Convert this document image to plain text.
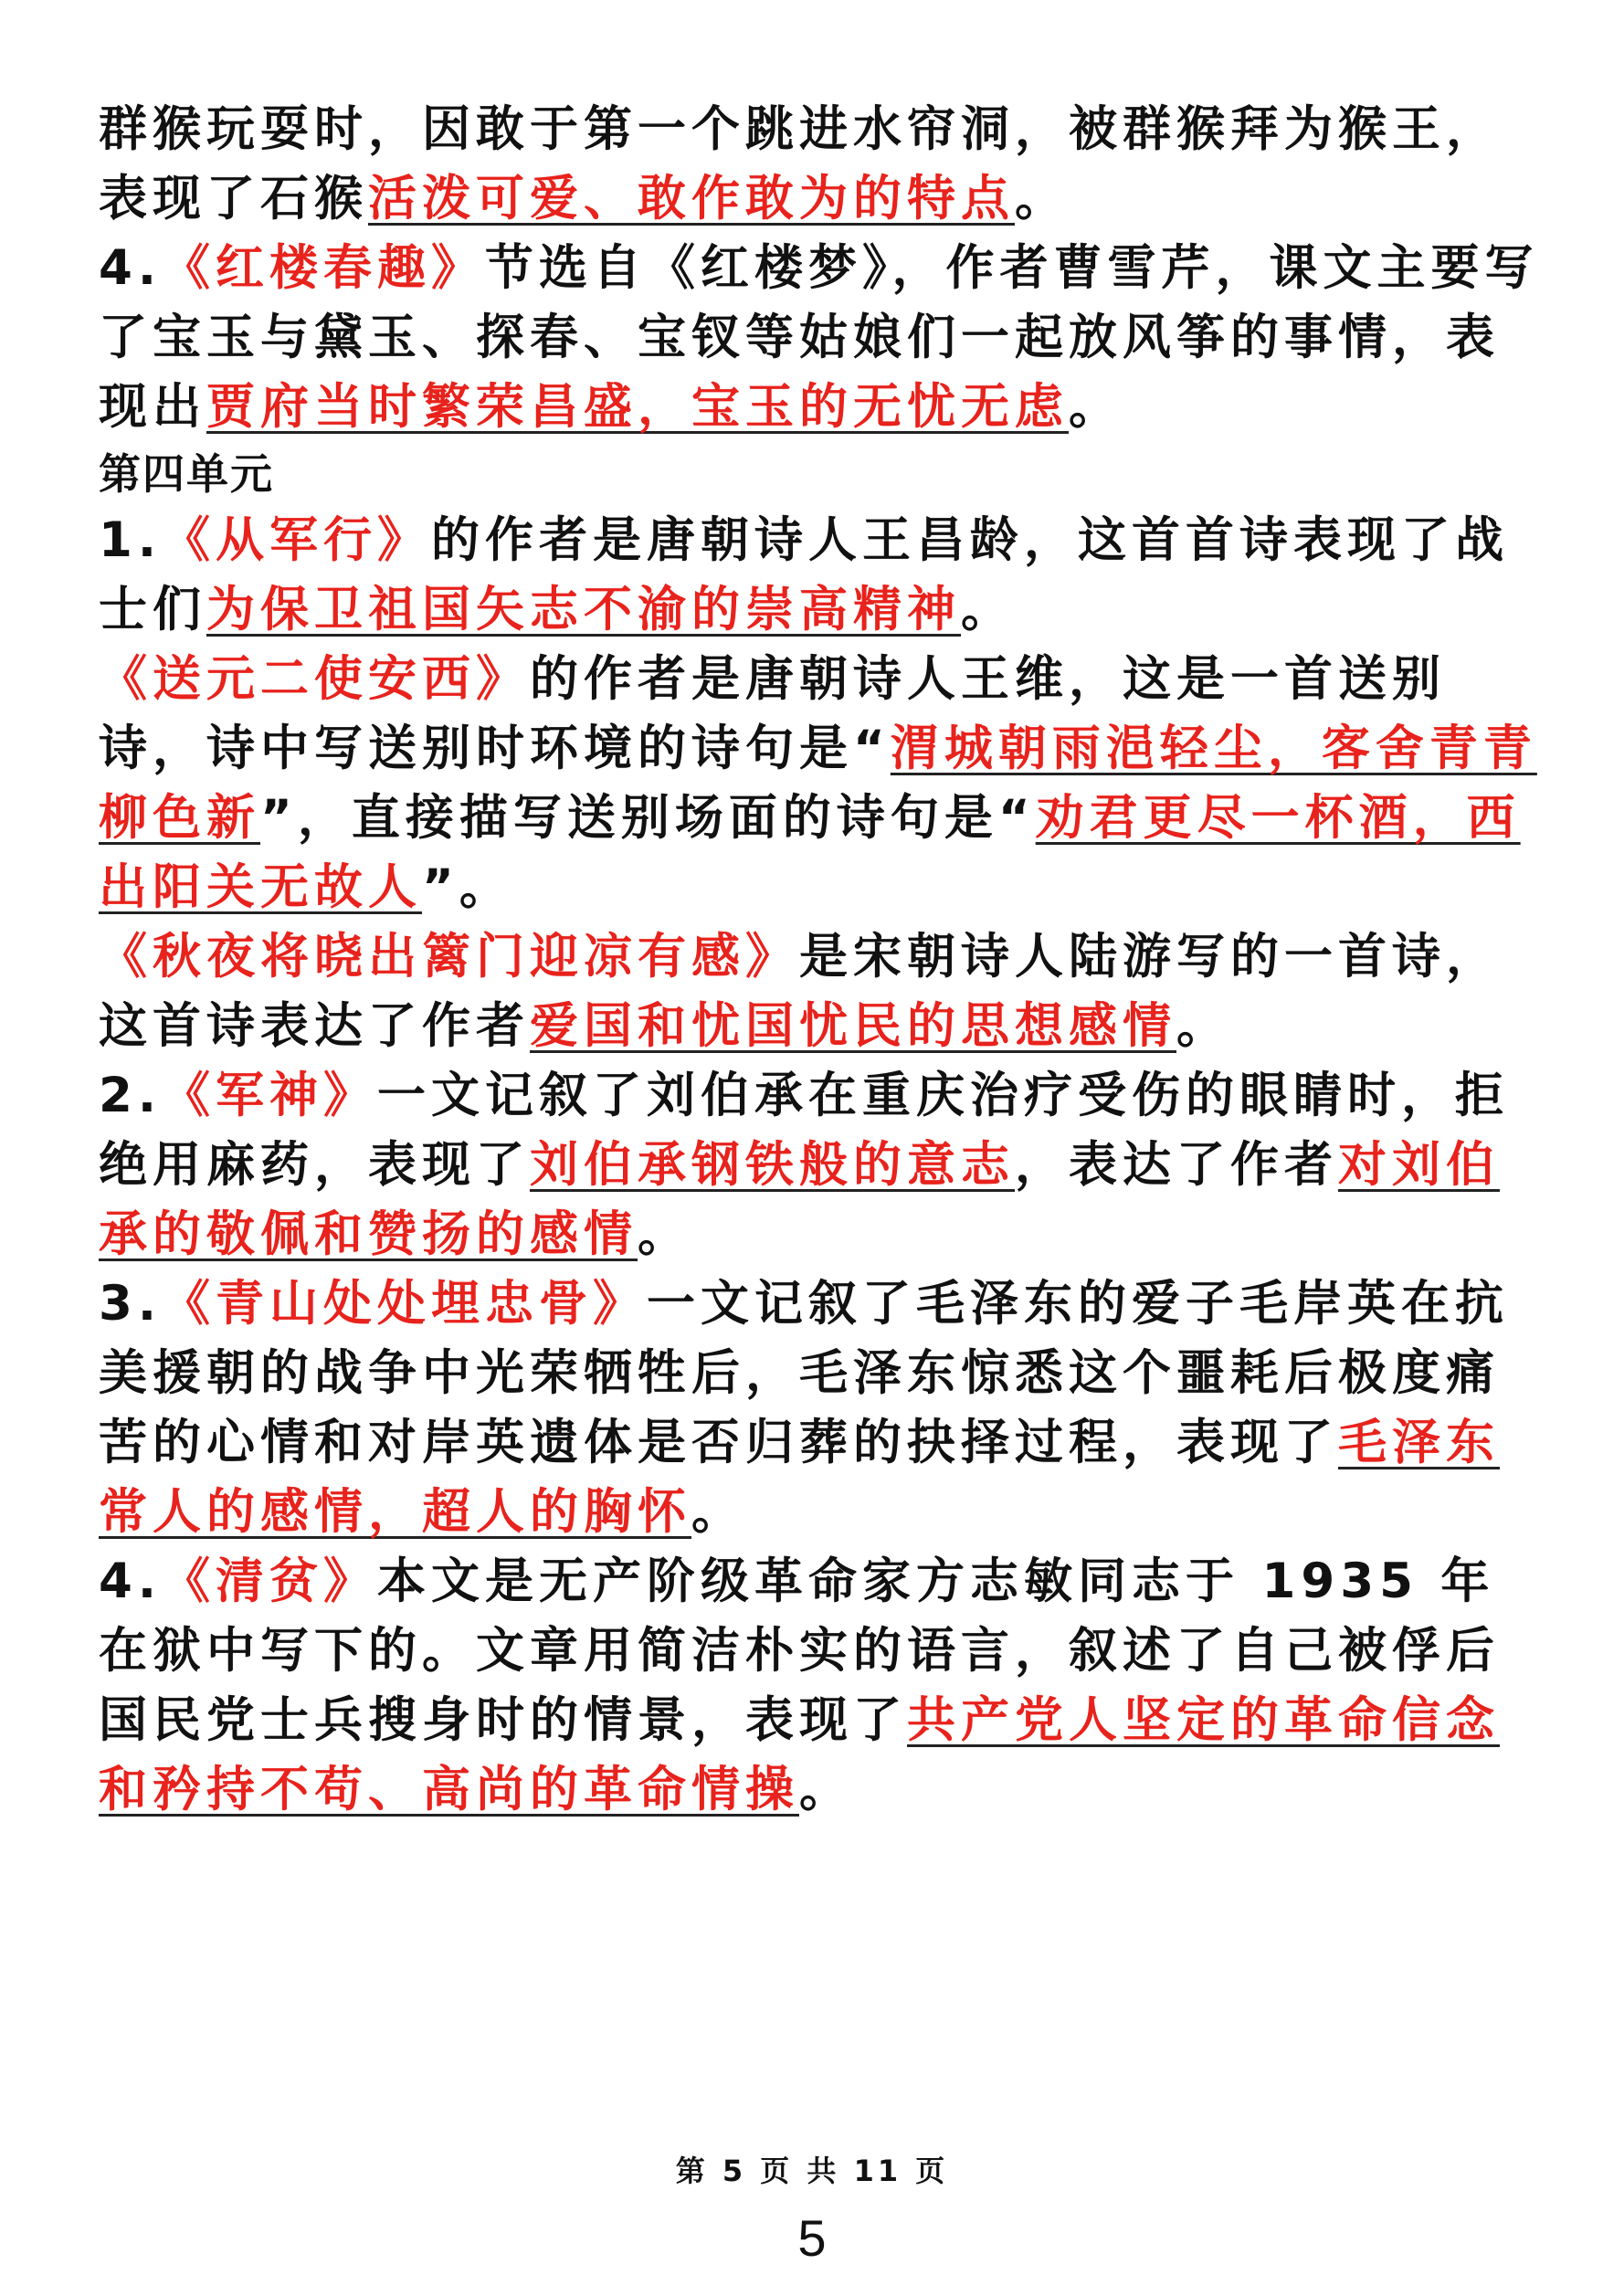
群猴玩耍时，因敢于第一个跳进水帘洞，被群猴拜为猴王，表现了石猴活泼可爱、敢作敢为的特点。

4.《红楼春趣》节选自《红楼梦》，作者曹雪芹，课文主要写了宝玉与黛玉、探春、宝钗等姑娘们一起放风筝的事情，表现出贾府当时繁荣昌盛，宝玉的无忧无虑。

第四单元

1.《从军行》的作者是唐朝诗人王昌龄，这首首诗表现了战士们为保卫祖国矢志不渝的崇高精神。

《送元二使安西》的作者是唐朝诗人王维，这是一首送别诗，诗中写送别时环境的诗句是“渭城朝雨浥轻尘，客舍青青柳色新”，直接描写送别场面的诗句是“劝君更尽一杯酒，西出阳关无故人”。

《秋夜将晓出篱门迎凉有感》是宋朝诗人陆游写的一首诗，这首诗表达了作者爱国和忧国忧民的思想感情。

2.《军神》一文记叙了刘伯承在重庆治疗受伤的眼睛时，拒绝用麻药，表现了刘伯承钢铁般的意志，表达了作者对刘伯承的敬佩和赞扬的感情。

3.《青山处处埋忠骨》一文记叙了毛泽东的爱子毛岸英在抗美援朝的战争中光荣牺牲后，毛泽东惊悉这个噩耗后极度痛苦的心情和对岸英遗体是否归葬的抉择过程，表现了毛泽东常人的感情，超人的胸怀。

4.《清贫》本文是无产阶级革命家方志敏同志于 1935 年在狱中写下的。文章用简洁朴实的语言，叙述了自己被俘后国民党士兵搜身时的情景，表现了共产党人坚定的革命信念和矜持不苟、高尚的革命情操。

第 5 页 共 11 页
5
